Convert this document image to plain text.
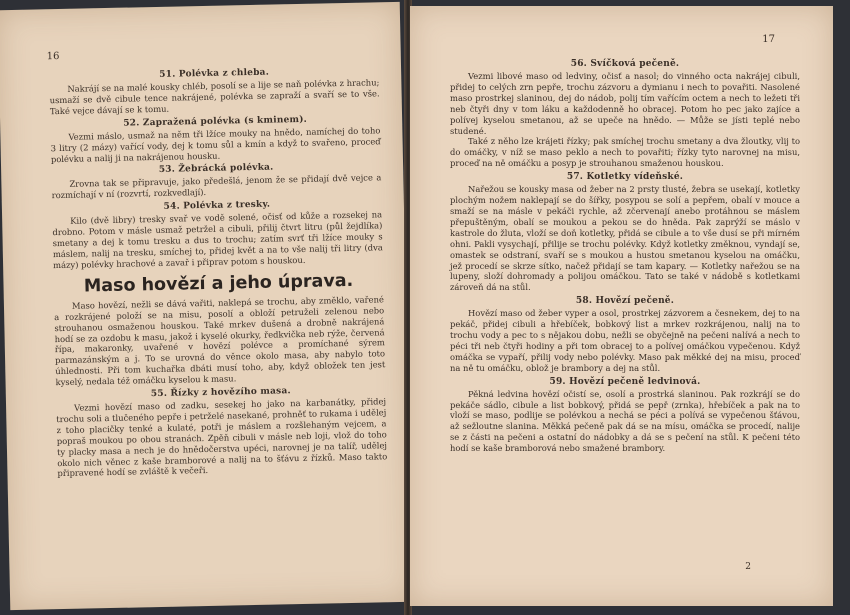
16
51. Polévka z chleba.

Nakrájí se na malé kousky chléb, posolí se a lije se naň polévka z hrachu; usmaží se dvě cibule tence nakrájené, polévka se zapraží a svaří se to vše. Také vejce dávají se k tomu.

52. Zapražená polévka (s kminem).

Vezmi máslo, usmaž na něm tři lžíce mouky na hnědo, namíchej do toho 3 litry (2 mázy) vařící vody, dej k tomu sůl a kmín a když to svařeno, proceď polévku a nalij ji na nakrájenou housku.

53. Žebrácká polévka.

Zrovna tak se připravuje, jako předešlá, jenom že se přidají dvě vejce a rozmíchají v ní (rozvrtí, rozkvedlají).

54. Polévka z tresky.

Kilo (dvě libry) tresky svař ve vodě solené, očisť od kůže a rozsekej na drobno. Potom v másle usmaž petržel a cibuli, přilij čtvrt litru (půl žejdlíka) smetany a dej k tomu tresku a dus to trochu; zatím svrť tři lžíce mouky s máslem, nalij na tresku, smíchej to, přidej květ a na to vše nalij tři litry (dva mázy) polévky hrachové a zavař i připrav potom s houskou.

Maso hovězí a jeho úprava.

Maso hovězí, nežli se dává vařiti, naklepá se trochu, aby změklo, vařené a rozkrájené položí se na misu, posolí a obloží petruželi zelenou nebo strouhanou osmaženou houskou. Také mrkev dušená a drobně nakrájená hodí se za ozdobu k masu, jakož i kyselé okurky, ředkvička neb rýže, červená řípa, makaronky, uvařené v hovězí polévce a promíchané sýrem parmazánským a j. To se urovná do věnce okolo masa, aby nabylo toto úhlednosti. Při tom kuchařka dbáti musí toho, aby, když obložek ten jest kyselý, nedala též omáčku kyselou k masu.

55. Řízky z hovězího masa.

Vezmi hovězí maso od zadku, sesekej ho jako na karbanátky, přidej trochu soli a tlučeného pepře i petrželé nasekané, prohněť to rukama i udělej z toho placičky tenké a kulaté, potři je máslem a rozšlehaným vejcem, a popraš moukou po obou stranách. Zpěň cibuli v másle neb loji, vlož do toho ty placky masa a nech je do hnědočerstva upéci, narovnej je na talíř, udělej okolo nich věnec z kaše bramborové a nalij na to šťávu z řízků. Maso takto připravené hodí se zvláště k večeři.

17
56. Svíčková pečeně.

Vezmi libové maso od ledviny, očisť a nasol; do vinného octa nakrájej cibuli, přidej to celých zrn pepře, trochu zázvoru a dymianu i nech to povařiti. Nasolené maso prostrkej slaninou, dej do nádob, polij tím vařícím octem a nech to ležeti tři neb čtyři dny v tom láku a každodenně ho obracej. Potom ho pec jako zajíce a polívej kyselou smetanou, až se upeče na hnědo. — Může se jísti teplé nebo studené.

Také z něho lze krájeti řízky; pak smíchej trochu smetany a dva žloutky, vlij to do omáčky, v níž se maso peklo a nech to povařiti; řízky tyto narovnej na misu, proceď na ně omáčku a posyp je strouhanou smaženou houskou.

57. Kotletky vídeňské.

Nařežou se kousky masa od žeber na 2 prsty tlusté, žebra se usekají, kotletky plochým nožem naklepají se do šířky, posypou se solí a pepřem, obalí v mouce a smaží se na másle v pekáči rychle, až zčervenají anebo protáhnou se máslem přepuštěným, obalí se moukou a pekou se do hněda. Pak zaprýží se máslo v kastrole do žluta, vloží se doň kotletky, přidá se cibule a to vše dusí se při mírném ohni. Pakli vysychají, přilije se trochu polévky. Když kotletky změknou, vyndají se, omastek se odstraní, svaří se s moukou a hustou smetanou kyselou na omáčku, jež procedí se skrze sítko, načež přidají se tam kapary. — Kotletky nařežou se na lupeny, složí dohromady a polijou omáčkou. Tato se také v nádobě s kotletkami zároveň dá na stůl.

58. Hovězí pečeně.

Hovězí maso od žeber vyper a osol, prostrkej zázvorem a česnekem, dej to na pekáč, přidej cibuli a hřebíček, bobkový list a mrkev rozkrájenou, nalij na to trochu vody a pec to s nějakou dobu, nežli se obyčejně na pečeni nalívá a nech to péci tři neb čtyři hodiny a při tom obracej to a polívej omáčkou vypečenou. Když omáčka se vypaří, přilij vody nebo polévky. Maso pak měkké dej na misu, proceď na ně tu omáčku, oblož je brambory a dej na stůl.

59. Hovězí pečeně ledvinová.

Pěkná ledvina hovězí očistí se, osolí a prostrká slaninou. Pak rozkrájí se do pekáče sádlo, cibule a list bobkový, přidá se pepř (zrnka), hřebíček a pak na to vloží se maso, podlije se polévkou a nechá se péci a polívá se vypečenou šťávou, až sežloutne slanina. Měkká pečeně pak dá se na mísu, omáčka se procedí, nalije se z části na pečeni a ostatní do nádobky a dá se s pečení na stůl. K pečeni této hodí se kaše bramborová nebo smažené brambory.

2
